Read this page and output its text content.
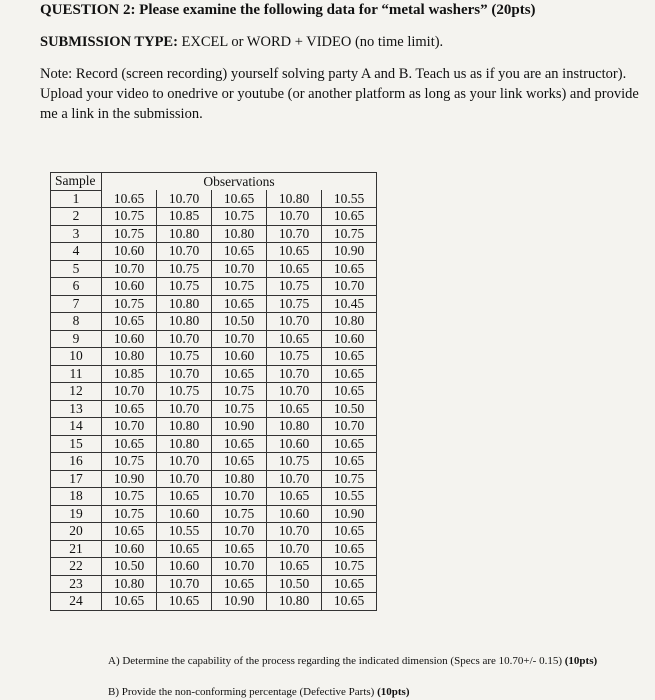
QUESTION 2: Please examine the following data for “metal washers” (20pts)
SUBMISSION TYPE: EXCEL or WORD + VIDEO (no time limit).
Note: Record (screen recording) yourself solving party A and B. Teach us as if you are an instructor). Upload your video to onedrive or youtube (or another platform as long as your link works) and provide me a link in the submission.
Sample	Observations				
1	10.65	10.70	10.65	10.80	10.55
2	10.75	10.85	10.75	10.70	10.65
3	10.75	10.80	10.80	10.70	10.75
4	10.60	10.70	10.65	10.65	10.90
5	10.70	10.75	10.70	10.65	10.65
6	10.60	10.75	10.75	10.75	10.70
7	10.75	10.80	10.65	10.75	10.45
8	10.65	10.80	10.50	10.70	10.80
9	10.60	10.70	10.70	10.65	10.60
10	10.80	10.75	10.60	10.75	10.65
11	10.85	10.70	10.65	10.70	10.65
12	10.70	10.75	10.75	10.70	10.65
13	10.65	10.70	10.75	10.65	10.50
14	10.70	10.80	10.90	10.80	10.70
15	10.65	10.80	10.65	10.60	10.65
16	10.75	10.70	10.65	10.75	10.65
17	10.90	10.70	10.80	10.70	10.75
18	10.75	10.65	10.70	10.65	10.55
19	10.75	10.60	10.75	10.60	10.90
20	10.65	10.55	10.70	10.70	10.65
21	10.60	10.65	10.65	10.70	10.65
22	10.50	10.60	10.70	10.65	10.75
23	10.80	10.70	10.65	10.50	10.65
24	10.65	10.65	10.90	10.80	10.65
A) Determine the capability of the process regarding the indicated dimension (Specs are 10.70+/- 0.15) (10pts)
B) Provide the non-conforming percentage (Defective Parts) (10pts)
